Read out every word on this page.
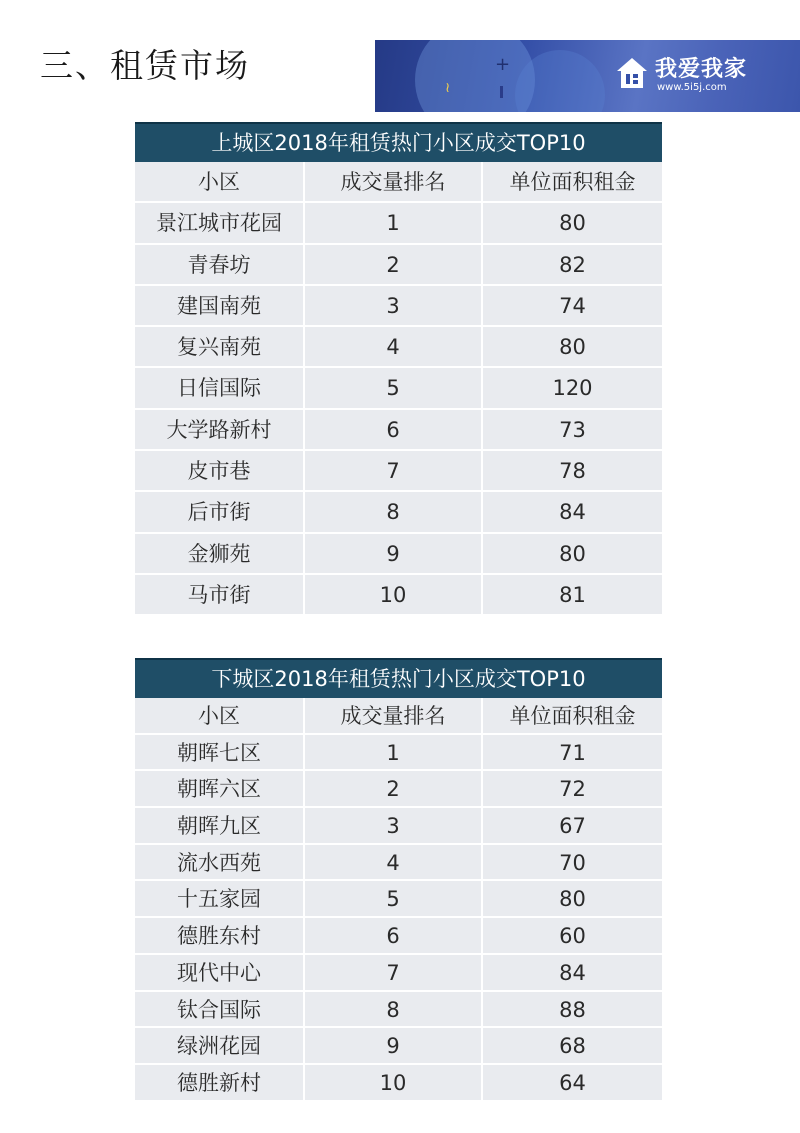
三、租赁市场	+
≀
我爱我家
www.5i5j.com
上城区2018年租赁热门小区成交TOP10
小区	成交量排名	单位面积租金
景江城市花园	1	80
青春坊	2	82
建国南苑	3	74
复兴南苑	4	80
日信国际	5	120
大学路新村	6	73
皮市巷	7	78
后市街	8	84
金狮苑	9	80
马市街	10	81
下城区2018年租赁热门小区成交TOP10
小区	成交量排名	单位面积租金
朝晖七区	1	71
朝晖六区	2	72
朝晖九区	3	67
流水西苑	4	70
十五家园	5	80
德胜东村	6	60
现代中心	7	84
钛合国际	8	88
绿洲花园	9	68
德胜新村	10	64
